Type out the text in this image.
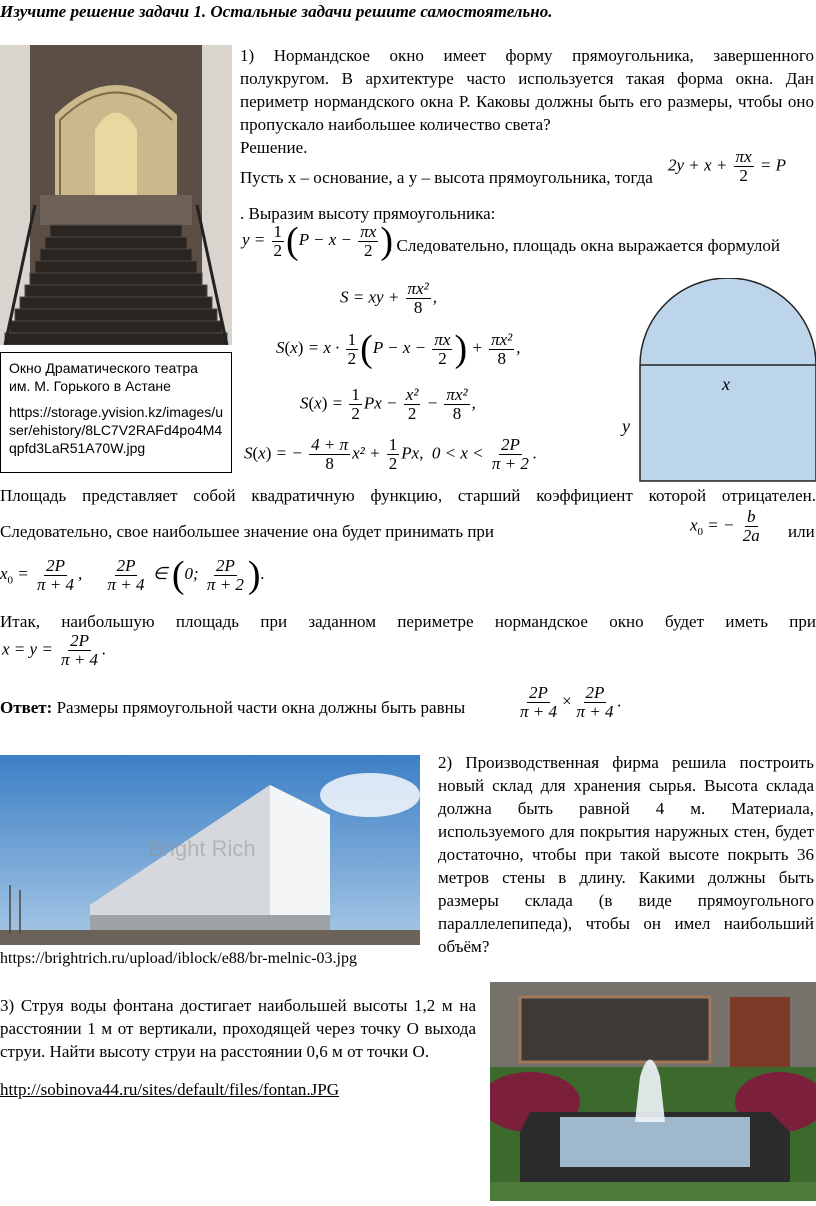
Изучите решение задачи 1. Остальные задачи решите самостоятельно.
Окно Драматического театра им. М. Горького в Астане
https://storage.yvision.kz/images/user/ehistory/8LC7V2RAFd4po4M4qpfd3LaR51A70W.jpg
1) Нормандское окно имеет форму прямоугольника, завершенного полукругом. В архитектуре часто используется такая форма окна. Дан периметр нормандского окна Р. Каковы должны быть его размеры, чтобы оно пропускало наибольшее количество света?
Решение.
Пусть x – основание, а y – высота прямоугольника, тогда
$2y + x + \frac{\pi x}{2} = P$
. Выразим высоту прямоугольника:
$y = \frac{1}{2} (P - x - \frac{\pi x}{2}$ )
. Следовательно, площадь окна выражается формулой
S = xy + $\frac{\text{πx²}}{8}$ ,
$S(x) = x \cdot \frac{1}{2} (P - x - \frac{\pi x}{2}$ ) + $\frac{\text{πx²}}{8}$ ,
$S(x) = \frac{1}{2}$ $Px - \frac{\text{x²}}{2} - \frac{\text{πx²}}{8}$ ,
S(x) = − $\frac{4 + \pi}{8} x^2 + \frac{1}{2} Px$,  $0 < x < \frac{2P}{\pi + 2}$ .
x
y
Площадь представляет собой квадратичную функцию, старший коэффициент которой отрицателен.
Следовательно, свое наибольшее значение она будет принимать при	$x_0$ = − $\frac{b}{2a}$ или
$x_0 = \frac{2P}{\pi + 4}$ , $\frac{2P}{\pi + 4}$ ∈ (0; $\frac{2P}{\pi + 2}$ ).
Итак, наибольшую площадь при заданном периметре нормандское окно будет иметь при
$x = y = \frac{2P}{\pi + 4}$ .
Ответ: Размеры прямоугольной части окна должны быть равны	$\frac{2P}{\pi + 4} \times \frac{2P}{\pi + 4}$ .
Bright Rich
https://brightrich.ru/upload/iblock/e88/br-melnic-03.jpg
2) Производственная фирма решила построить новый склад для хранения сырья. Высота склада должна быть равной 4 м. Материала, используемого для покрытия наружных стен, будет достаточно, чтобы при такой высоте покрыть 36 метров стены в длину. Какими должны быть размеры склада (в виде прямоугольного параллелепипеда), чтобы он имел наибольший объём?
3) Струя воды фонтана достигает наибольшей высоты 1,2 м на расстоянии 1 м от вертикали, проходящей через точку O выхода струи. Найти высоту струи на расстоянии 0,6 м от точки O.
http://sobinova44.ru/sites/default/files/fontan.JPG
